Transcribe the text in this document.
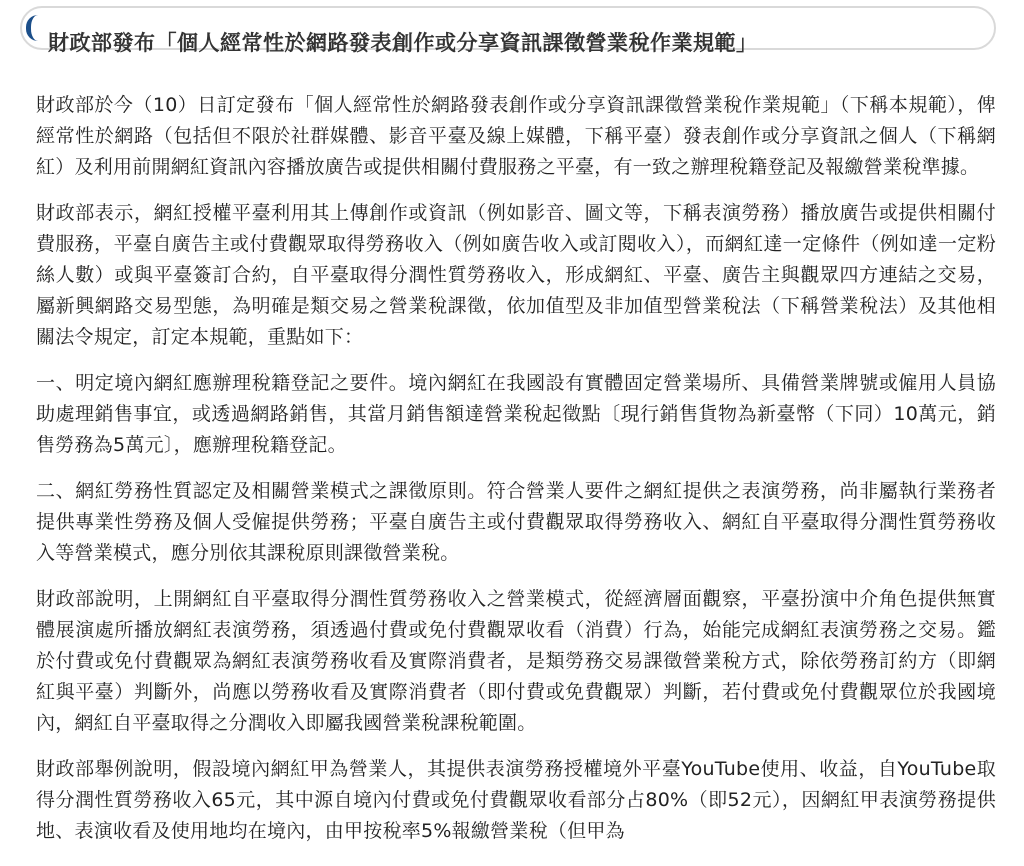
財政部發布「個人經常性於網路發表創作或分享資訊課徵營業稅作業規範」

財政部於今（10）日訂定發布「個人經常性於網路發表創作或分享資訊課徵營業稅作業規範」（下稱本規範），俾經常性於網路（包括但不限於社群媒體、影音平臺及線上媒體，下稱平臺）發表創作或分享資訊之個人（下稱網紅）及利用前開網紅資訊內容播放廣告或提供相關付費服務之平臺，有一致之辦理稅籍登記及報繳營業稅準據。

財政部表示，網紅授權平臺利用其上傳創作或資訊（例如影音、圖文等，下稱表演勞務）播放廣告或提供相關付費服務，平臺自廣告主或付費觀眾取得勞務收入（例如廣告收入或訂閱收入），而網紅達一定條件（例如達一定粉絲人數）或與平臺簽訂合約，自平臺取得分潤性質勞務收入，形成網紅、平臺、廣告主與觀眾四方連結之交易，屬新興網路交易型態，為明確是類交易之營業稅課徵，依加值型及非加值型營業稅法（下稱營業稅法）及其他相關法令規定，訂定本規範，重點如下：

一、明定境內網紅應辦理稅籍登記之要件。境內網紅在我國設有實體固定營業場所、具備營業牌號或僱用人員協助處理銷售事宜，或透過網路銷售，其當月銷售額達營業稅起徵點〔現行銷售貨物為新臺幣（下同）10萬元，銷售勞務為5萬元〕，應辦理稅籍登記。

二、網紅勞務性質認定及相關營業模式之課徵原則。符合營業人要件之網紅提供之表演勞務，尚非屬執行業務者提供專業性勞務及個人受僱提供勞務；平臺自廣告主或付費觀眾取得勞務收入、網紅自平臺取得分潤性質勞務收入等營業模式，應分別依其課稅原則課徵營業稅。

財政部說明，上開網紅自平臺取得分潤性質勞務收入之營業模式，從經濟層面觀察，平臺扮演中介角色提供無實體展演處所播放網紅表演勞務，須透過付費或免付費觀眾收看（消費）行為，始能完成網紅表演勞務之交易。鑑於付費或免付費觀眾為網紅表演勞務收看及實際消費者，是類勞務交易課徵營業稅方式，除依勞務訂約方（即網紅與平臺）判斷外，尚應以勞務收看及實際消費者（即付費或免費觀眾）判斷，若付費或免付費觀眾位於我國境內，網紅自平臺取得之分潤收入即屬我國營業稅課稅範圍。

財政部舉例說明，假設境內網紅甲為營業人，其提供表演勞務授權境外平臺YouTube使用、收益，自YouTube取得分潤性質勞務收入65元，其中源自境內付費或免付費觀眾收看部分占80%（即52元），因網紅甲表演勞務提供地、表演收看及使用地均在境內，由甲按稅率5%報繳營業稅（但甲為
